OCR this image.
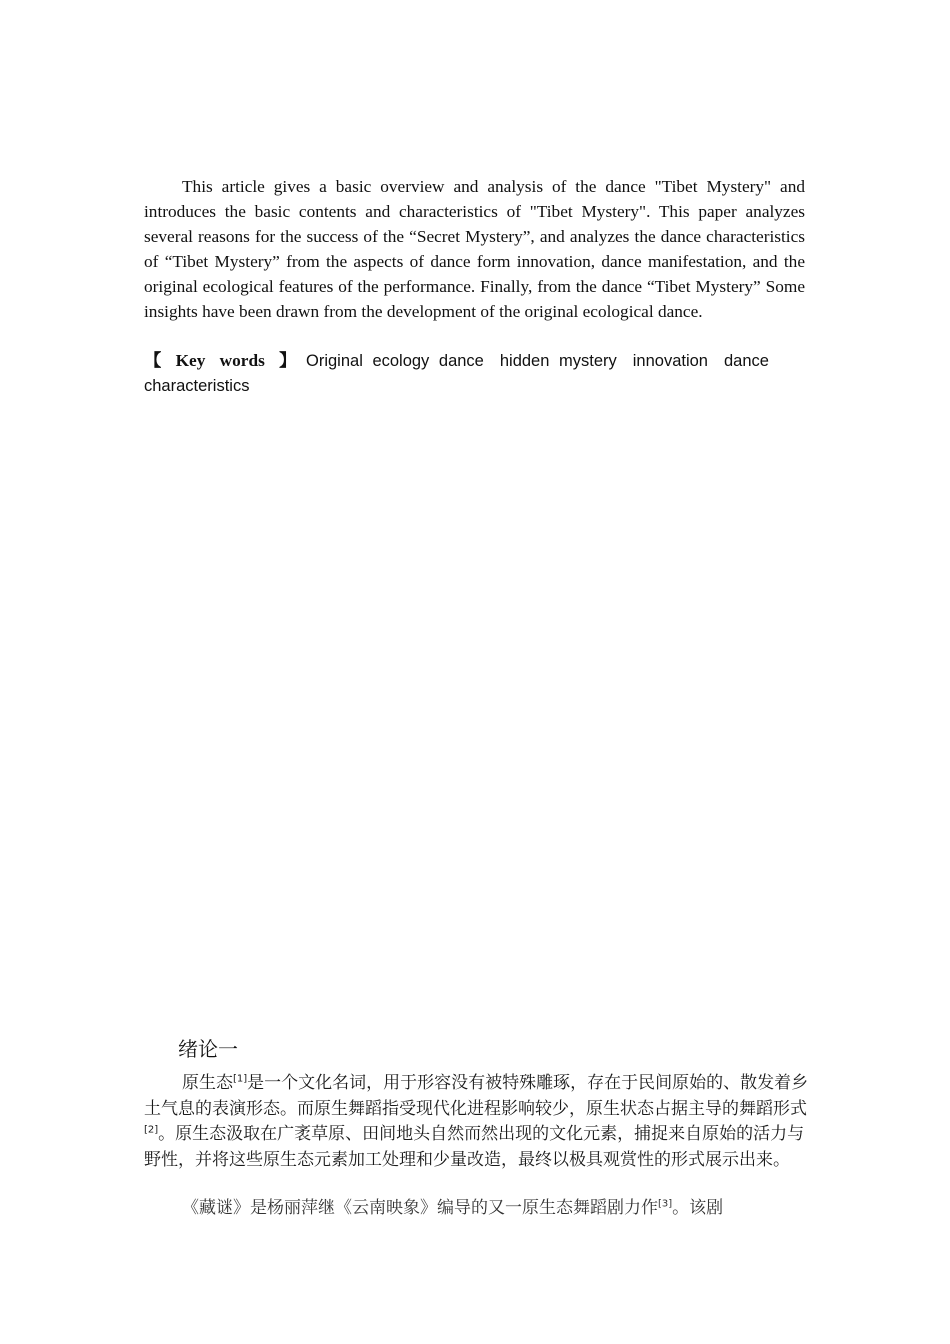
This article gives a basic overview and analysis of the dance "Tibet Mystery" and introduces the basic contents and characteristics of "Tibet Mystery". This paper analyzes several reasons for the success of the “Secret Mystery”, and analyzes the dance characteristics of “Tibet Mystery” from the aspects of dance form innovation, dance manifestation, and the original ecological features of the performance. Finally, from the dance “Tibet Mystery” Some insights have been drawn from the development of the original ecological dance.

【 Key words 】 Original ecology dance hidden mystery innovation dance characteristics

绪论一

原生态[1]是一个文化名词，用于形容没有被特殊雕琢，存在于民间原始的、散发着乡土气息的表演形态。而原生舞蹈指受现代化进程影响较少，原生状态占据主导的舞蹈形式[2]。原生态汲取在广袤草原、田间地头自然而然出现的文化元素，捕捉来自原始的活力与野性，并将这些原生态元素加工处理和少量改造，最终以极具观赏性的形式展示出来。

《藏谜》是杨丽萍继《云南映象》编导的又一原生态舞蹈剧力作[3]。该剧
